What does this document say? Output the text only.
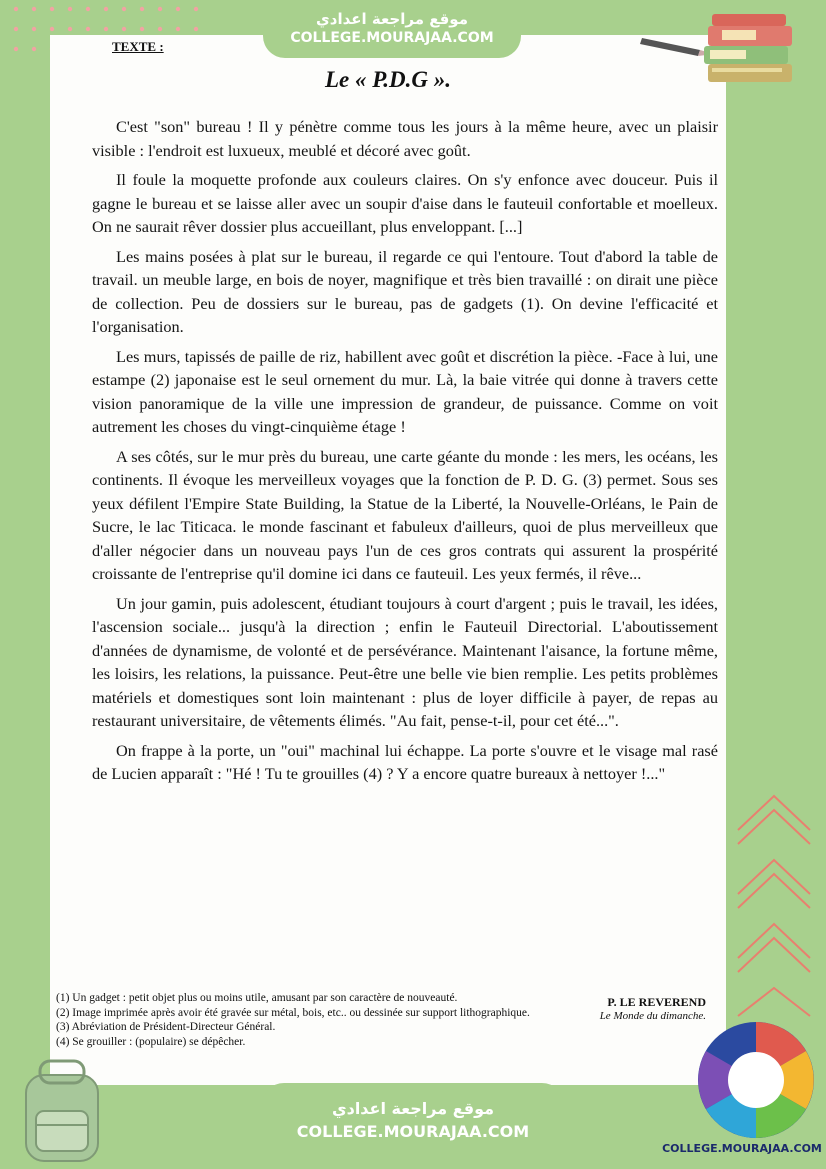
TEXTE :
Le « P.D.G ».

C'est "son" bureau ! Il y pénètre comme tous les jours à la même heure, avec un plaisir visible : l'endroit est luxueux, meublé et décoré avec goût.

Il foule la moquette profonde aux couleurs claires. On s'y enfonce avec douceur. Puis il gagne le bureau et se laisse aller avec un soupir d'aise dans le fauteuil confortable et moelleux. On ne saurait rêver dossier plus accueillant, plus enveloppant. [...]

Les mains posées à plat sur le bureau, il regarde ce qui l'entoure. Tout d'abord la table de travail. un meuble large, en bois de noyer, magnifique et très bien travaillé : on dirait une pièce de collection. Peu de dossiers sur le bureau, pas de gadgets (1). On devine l'efficacité et l'organisation.

Les murs, tapissés de paille de riz, habillent avec goût et discrétion la pièce. -Face à lui, une estampe (2) japonaise est le seul ornement du mur. Là, la baie vitrée qui donne à travers cette vision panoramique de la ville une impression de grandeur, de puissance. Comme on voit autrement les choses du vingt-cinquième étage !

A ses côtés, sur le mur près du bureau, une carte géante du monde : les mers, les océans, les continents. Il évoque les merveilleux voyages que la fonction de P. D. G. (3) permet. Sous ses yeux défilent l'Empire State Building, la Statue de la Liberté, la Nouvelle-Orléans, le Pain de Sucre, le lac Titicaca. le monde fascinant et fabuleux d'ailleurs, quoi de plus merveilleux que d'aller négocier dans un nouveau pays l'un de ces gros contrats qui assurent la prospérité croissante de l'entreprise qu'il domine ici dans ce fauteuil. Les yeux fermés, il rêve...

Un jour gamin, puis adolescent, étudiant toujours à court d'argent ; puis le travail, les idées, l'ascension sociale... jusqu'à la direction ; enfin le Fauteuil Directorial. L'aboutissement d'années de dynamisme, de volonté et de persévérance. Maintenant l'aisance, la fortune même, les loisirs, les relations, la puissance. Peut-être une belle vie bien remplie. Les petits problèmes matériels et domestiques sont loin maintenant : plus de loyer difficile à payer, de repas au restaurant universitaire, de vêtements élimés. "Au fait, pense-t-il, pour cet été...".

On frappe à la porte, un "oui" machinal lui échappe. La porte s'ouvre et le visage mal rasé de Lucien apparaît : "Hé ! Tu te grouilles (4) ? Y a encore quatre bureaux à nettoyer !..."

(1) Un gadget : petit objet plus ou moins utile, amusant par son caractère de nouveauté.
(2) Image imprimée après avoir été gravée sur métal, bois, etc.. ou dessinée sur support lithographique.
(3) Abréviation de Président-Directeur Général.
(4) Se grouiller : (populaire) se dépêcher.
P. LE REVEREND
Le Monde du dimanche.
موقع مراجعة اعدادي
COLLEGE.MOURAJAA.COM
موقع مراجعة اعدادي
COLLEGE.MOURAJAA.COM
COLLEGE.MOURAJAA.COM
